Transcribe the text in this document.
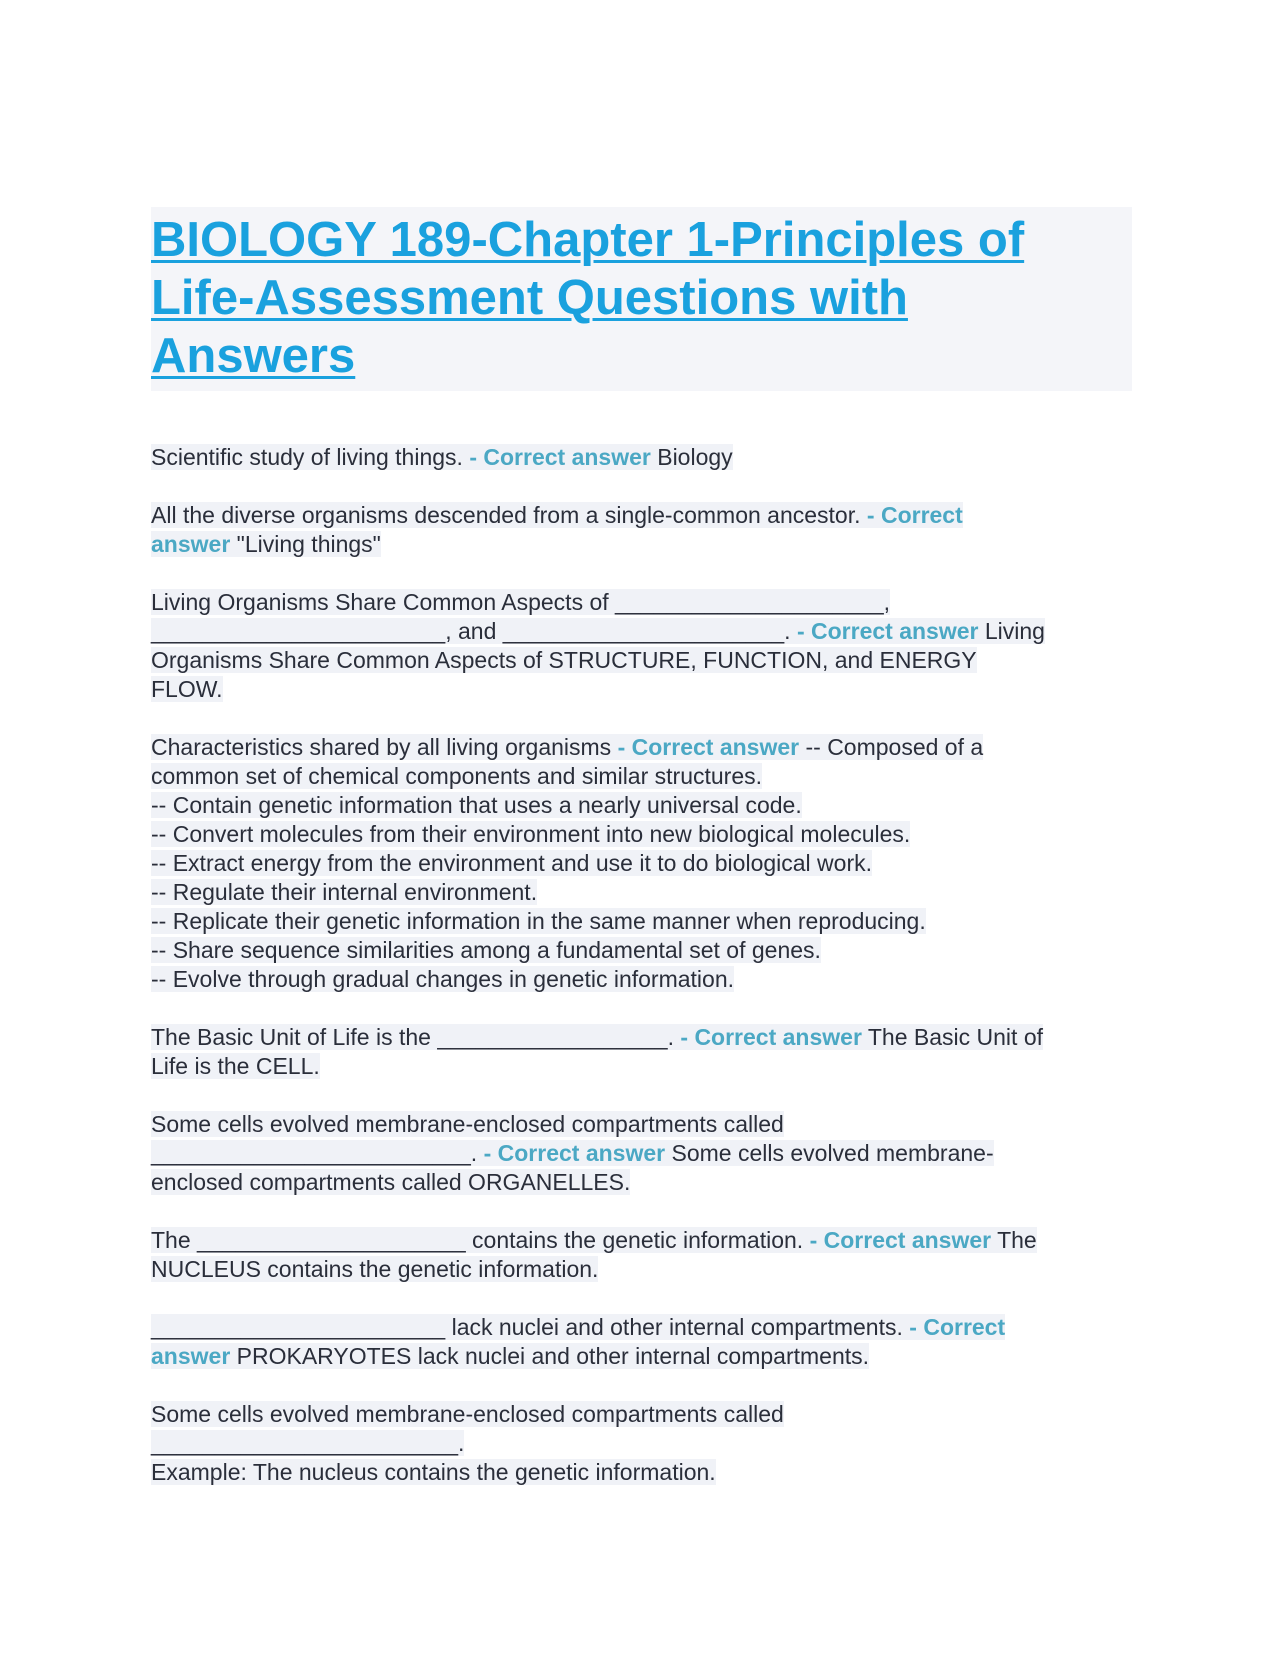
BIOLOGY 189-Chapter 1-Principles of
Life-Assessment Questions with
Answers
Scientific study of living things. - Correct answer Biology
All the diverse organisms descended from a single-common ancestor. - Correct
answer "Living things"
Living Organisms Share Common Aspects of _____________________,
_______________________, and ______________________. - Correct answer Living
Organisms Share Common Aspects of STRUCTURE, FUNCTION, and ENERGY
FLOW.
Characteristics shared by all living organisms - Correct answer -- Composed of a
common set of chemical components and similar structures.
-- Contain genetic information that uses a nearly universal code.
-- Convert molecules from their environment into new biological molecules.
-- Extract energy from the environment and use it to do biological work.
-- Regulate their internal environment.
-- Replicate their genetic information in the same manner when reproducing.
-- Share sequence similarities among a fundamental set of genes.
-- Evolve through gradual changes in genetic information.
The Basic Unit of Life is the __________________. - Correct answer The Basic Unit of
Life is the CELL.
Some cells evolved membrane-enclosed compartments called
_________________________. - Correct answer Some cells evolved membrane-
enclosed compartments called ORGANELLES.
The _____________________ contains the genetic information. - Correct answer The
NUCLEUS contains the genetic information.
_______________________ lack nuclei and other internal compartments. - Correct
answer PROKARYOTES lack nuclei and other internal compartments.
Some cells evolved membrane-enclosed compartments called
________________________.
Example: The nucleus contains the genetic information.
